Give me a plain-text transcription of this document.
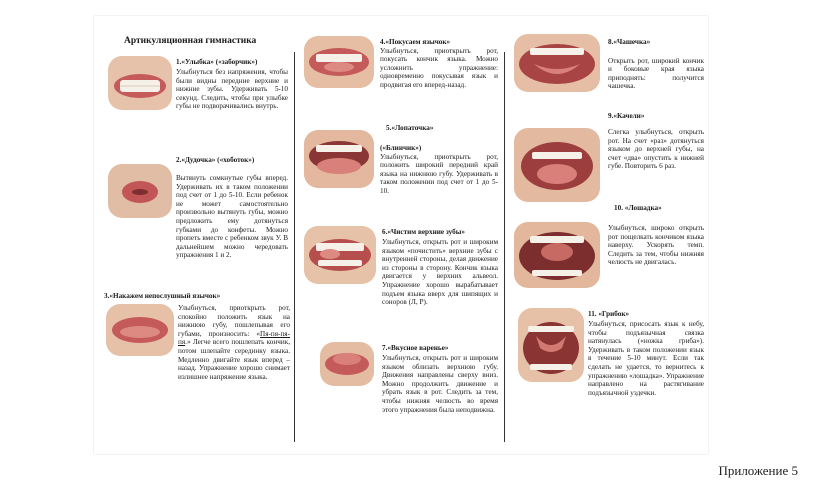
Артикуляционная гимнастика

1.«Улыбка» («заборчик»)

Улыбнуться без напряжения, чтобы были видны передние верхние и нижние зубы. Удерживать 5-10 секунд. Следить, чтобы при улыбке губы не подворачивались внутрь.

2.«Дудочка» («хоботок»)

Вытянуть сомкнутые губы вперед. Удерживать их в таком положении под счет от 1 до 5-10. Если ребенок не может самостоятельно произвольно вытянуть губы, можно предложить ему дотянуться губками до конфеты. Можно пропеть вместе с ребенком звук У. В дальнейшем можно чередовать упражнения 1 и 2.

3.«Накажем непослушный язычок»

Улыбнуться, приоткрыть рот, спокойно положить язык на нижнюю губу, пошлепывая его губами, произносить: «Пя-пя-пя-пя.» Легче всего пошлепать кончик, потом шлепайте серединку языка. Медленно двигайте язык вперед – назад. Упражнение хорошо снимает излишнее напряжение языка.

4.«Покусаем язычок»

Улыбнуться, приоткрыть рот, покусать кончик языка. Можно усложнить упражнение: одновременно покусывая язык и продвигая его вперед-назад.

5.«Лопаточка»

(«Блинчик»)

Улыбнуться, приоткрыть рот, положить широкий передний край языка на нижнюю губу. Удерживать в таком положении под счет от 1 до 5-10.

6.«Чистим верхние зубы»

Улыбнуться, открыть рот и широким языком «почистить» верхние зубы с внутренней стороны, делая движение из стороны в сторону. Кончик языка двигается у верхних альвеол. Упражнение хорошо вырабатывает подъем языка вверх для шипящих и соноров (Л, Р).

7.«Вкусное варенье»

Улыбнуться, открыть рот и широким языком облизать верхнюю губу. Движения направлены сверху вниз. Можно продолжить движение и убрать язык в рот. Следить за тем, чтобы нижняя челюсть во время этого упражнения была неподвижна.

8.«Чашечка»

Открыть рот, широкий кончик и боковые края языка приподнять: получится чашечка.

9.«Качели»

Слегка улыбнуться, открыть рот. На счет «раз» дотянуться языком до верхней губы, на счет «два» опустить к нижней губе. Повторить 6 раз.

10. «Лошадка»

Улыбнуться, широко открыть рот пощелкать кончиком языка наверху. Ускорять темп. Следить за тем, чтобы нижняя челюсть не двигалась.

11. «Грибок»

Улыбнуться, присосать язык к небу, чтобы подъязычная связка натянулась («ножка гриба»). Удерживать в таком положении язык в течение 5-10 минут. Если так сделать не удается, то вернитесь к упражнению «лошадка». Упражнение направлено на растягивание подъязычной уздечки.

Приложение 5
